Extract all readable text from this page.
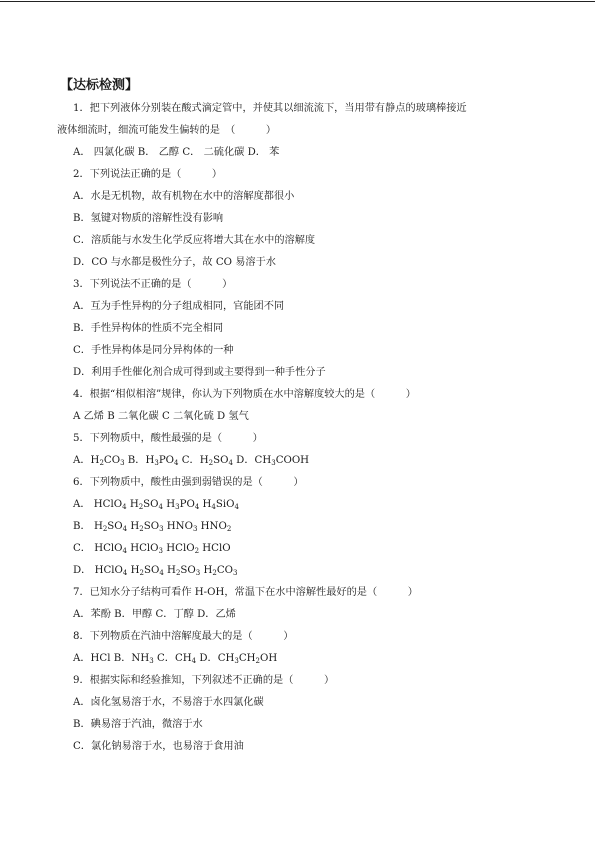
【达标检测】
1．把下列液体分别装在酸式滴定管中，并使其以细流流下，当用带有静点的玻璃棒接近
液体细流时，细流可能发生偏转的是　（　　　）
A． 四氯化碳 B． 乙醇 C． 二硫化碳 D． 苯
2．下列说法正确的是（　　　）
A．水是无机物，故有机物在水中的溶解度都很小
B．氢键对物质的溶解性没有影响
C．溶质能与水发生化学反应将增大其在水中的溶解度
D．CO 与水都是极性分子，故 CO 易溶于水
3．下列说法不正确的是（　　　）
A．互为手性异构的分子组成相同，官能团不同
B．手性异构体的性质不完全相同
C．手性异构体是同分异构体的一种
D．利用手性催化剂合成可得到或主要得到一种手性分子
4．根据“相似相溶”规律，你认为下列物质在水中溶解度较大的是（　　　）
A 乙烯 B 二氧化碳 C 二氧化硫 D 氢气
5．下列物质中，酸性最强的是（　　　）
A．$H_2CO_3$ B．$H_3PO_4$ C．$H_2SO_4$ D．$CH_3COOH$
6．下列物质中，酸性由强到弱错误的是（　　　）
A． HClO$_4$ $H_2SO_4$ $H_3PO_4$ $H_4SiO_4$
B． $H_2SO_4$ $H_2SO_3$ $HNO_3$ $HNO_2$
C． HClO$_4$ HClO$_3$ HClO$_2$ HClO
D． HClO$_4$ $H_2SO_4$ $H_2SO_3$ $H_2CO_3$
7．已知水分子结构可看作 H-OH，常温下在水中溶解性最好的是（　　　）
A．苯酚 B．甲醇 C．丁醇 D．乙烯
8．下列物质在汽油中溶解度最大的是（　　　）
A．HCl B．$NH_3$ C．$CH_4$ D．$CH_3CH_2OH$
9．根据实际和经验推知，下列叙述不正确的是（　　　）
A．卤化氢易溶于水，不易溶于水四氯化碳
B．碘易溶于汽油，微溶于水
C．氯化钠易溶于水，也易溶于食用油
